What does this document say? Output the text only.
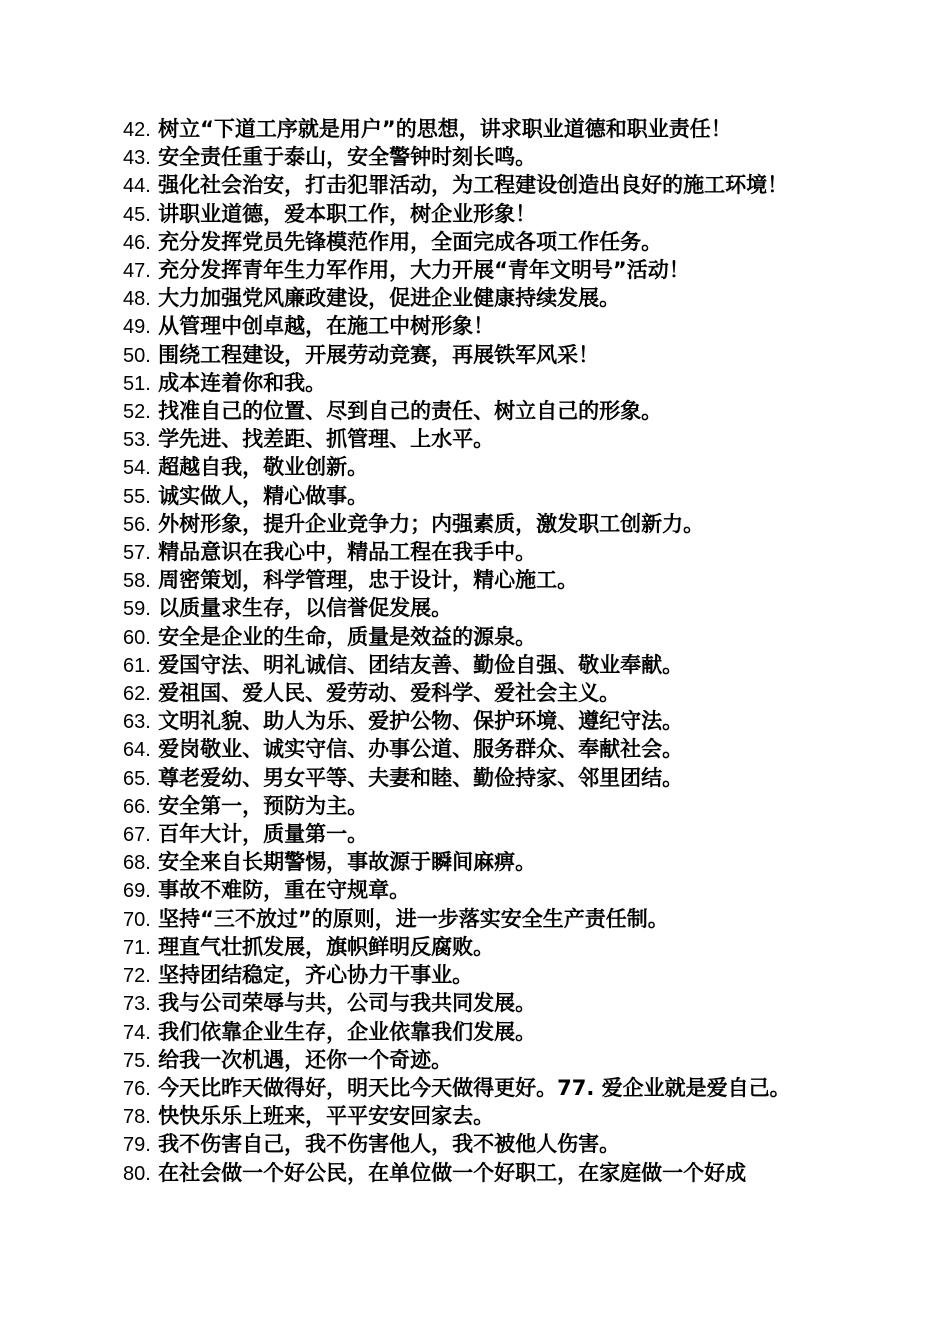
42. 树立“下道工序就是用户”的思想，讲求职业道德和职业责任！
43. 安全责任重于泰山，安全警钟时刻长鸣。
44. 强化社会治安，打击犯罪活动，为工程建设创造出良好的施工环境！
45. 讲职业道德，爱本职工作，树企业形象！
46. 充分发挥党员先锋模范作用，全面完成各项工作任务。
47. 充分发挥青年生力军作用，大力开展“青年文明号”活动！
48. 大力加强党风廉政建设，促进企业健康持续发展。
49. 从管理中创卓越，在施工中树形象！
50. 围绕工程建设，开展劳动竞赛，再展铁军风采！
51. 成本连着你和我。
52. 找准自己的位置、尽到自己的责任、树立自己的形象。
53. 学先进、找差距、抓管理、上水平。
54. 超越自我，敬业创新。
55. 诚实做人，精心做事。
56. 外树形象，提升企业竞争力；内强素质，激发职工创新力。
57. 精品意识在我心中，精品工程在我手中。
58. 周密策划，科学管理，忠于设计，精心施工。
59. 以质量求生存，以信誉促发展。
60. 安全是企业的生命，质量是效益的源泉。
61. 爱国守法、明礼诚信、团结友善、勤俭自强、敬业奉献。
62. 爱祖国、爱人民、爱劳动、爱科学、爱社会主义。
63. 文明礼貌、助人为乐、爱护公物、保护环境、遵纪守法。
64. 爱岗敬业、诚实守信、办事公道、服务群众、奉献社会。
65. 尊老爱幼、男女平等、夫妻和睦、勤俭持家、邻里团结。
66. 安全第一，预防为主。
67. 百年大计，质量第一。
68. 安全来自长期警惕，事故源于瞬间麻痹。
69. 事故不难防，重在守规章。
70. 坚持“三不放过”的原则，进一步落实安全生产责任制。
71. 理直气壮抓发展，旗帜鲜明反腐败。
72. 坚持团结稳定，齐心协力干事业。
73. 我与公司荣辱与共，公司与我共同发展。
74. 我们依靠企业生存，企业依靠我们发展。
75. 给我一次机遇，还你一个奇迹。
76. 今天比昨天做得好，明天比今天做得更好。77. 爱企业就是爱自己。
78. 快快乐乐上班来，平平安安回家去。
79. 我不伤害自己，我不伤害他人，我不被他人伤害。
80. 在社会做一个好公民，在单位做一个好职工，在家庭做一个好成
